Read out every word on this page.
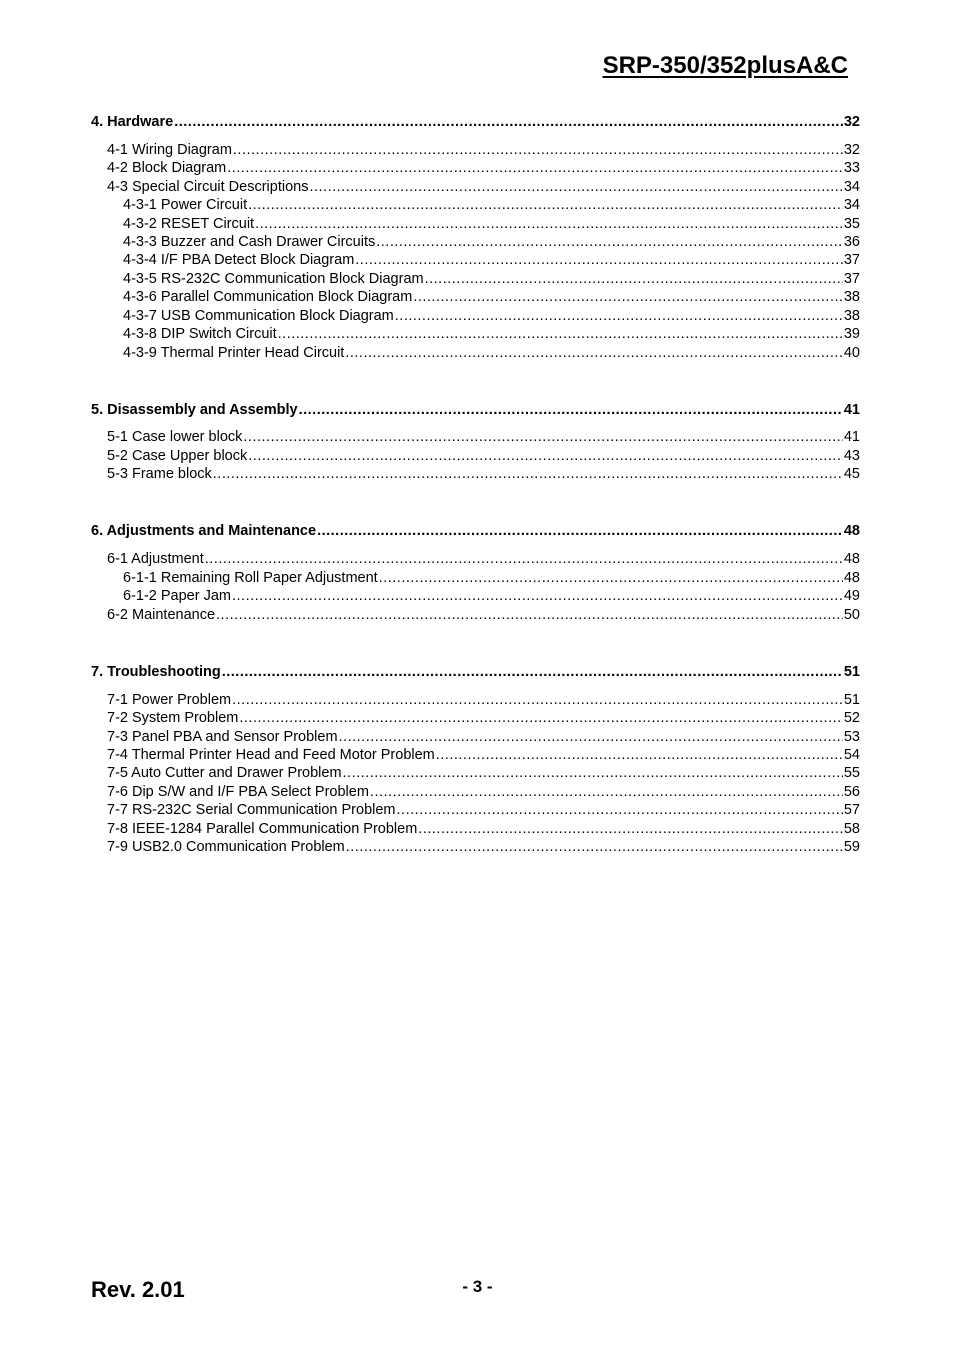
SRP-350/352plusA&C
4. Hardware .....	32
4-1 Wiring Diagram .....	32
4-2 Block Diagram .....	33
4-3 Special Circuit Descriptions .....	34
4-3-1 Power Circuit .....	34
4-3-2 RESET Circuit .....	35
4-3-3 Buzzer and Cash Drawer Circuits .....	36
4-3-4 I/F PBA Detect Block Diagram .....	37
4-3-5 RS-232C Communication Block Diagram .....	37
4-3-6 Parallel Communication Block Diagram .....	38
4-3-7 USB Communication Block Diagram .....	38
4-3-8 DIP Switch Circuit .....	39
4-3-9 Thermal Printer Head Circuit .....	40
5. Disassembly and Assembly .....	41
5-1 Case lower block .....	41
5-2 Case Upper block .....	43
5-3 Frame block .....	45
6. Adjustments and Maintenance .....	48
6-1 Adjustment .....	48
6-1-1 Remaining Roll Paper Adjustment .....	48
6-1-2 Paper Jam .....	49
6-2 Maintenance .....	50
7. Troubleshooting .....	51
7-1 Power Problem .....	51
7-2 System Problem .....	52
7-3 Panel PBA and Sensor Problem .....	53
7-4 Thermal Printer Head and Feed Motor Problem .....	54
7-5 Auto Cutter and Drawer Problem .....	55
7-6 Dip S/W and I/F PBA Select Problem .....	56
7-7 RS-232C Serial Communication Problem .....	57
7-8 IEEE-1284 Parallel Communication Problem .....	58
7-9 USB2.0 Communication Problem .....	59
Rev. 2.01	- 3 -
